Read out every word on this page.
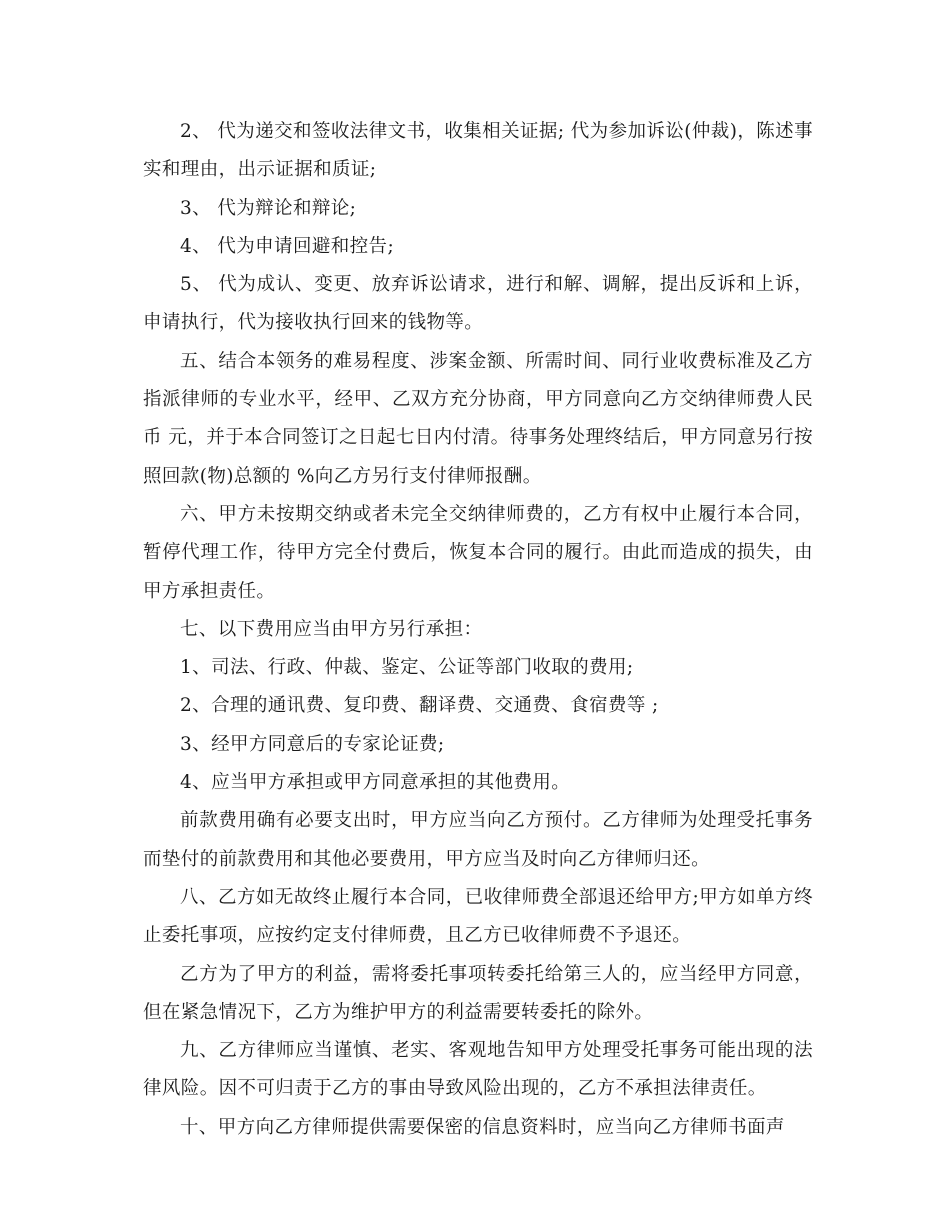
2、 代为递交和签收法律文书，收集相关证据; 代为参加诉讼(仲裁)，陈述事实和理由，出示证据和质证;

3、 代为辩论和辩论;

4、 代为申请回避和控告;

5、 代为成认、变更、放弃诉讼请求，进行和解、调解，提出反诉和上诉，申请执行，代为接收执行回来的钱物等。

五、结合本领务的难易程度、涉案金额、所需时间、同行业收费标准及乙方指派律师的专业水平，经甲、乙双方充分协商，甲方同意向乙方交纳律师费人民币 元，并于本合同签订之日起七日内付清。待事务处理终结后，甲方同意另行按照回款(物)总额的 %向乙方另行支付律师报酬。

六、甲方未按期交纳或者未完全交纳律师费的，乙方有权中止履行本合同，暂停代理工作，待甲方完全付费后，恢复本合同的履行。由此而造成的损失，由甲方承担责任。

七、以下费用应当由甲方另行承担：

1、司法、行政、仲裁、鉴定、公证等部门收取的费用;

2、合理的通讯费、复印费、翻译费、交通费、食宿费等 ;

3、经甲方同意后的专家论证费;

4、应当甲方承担或甲方同意承担的其他费用。

前款费用确有必要支出时，甲方应当向乙方预付。乙方律师为处理受托事务而垫付的前款费用和其他必要费用，甲方应当及时向乙方律师归还。

八、乙方如无故终止履行本合同，已收律师费全部退还给甲方;甲方如单方终止委托事项，应按约定支付律师费，且乙方已收律师费不予退还。

乙方为了甲方的利益，需将委托事项转委托给第三人的，应当经甲方同意，但在紧急情况下，乙方为维护甲方的利益需要转委托的除外。

九、乙方律师应当谨慎、老实、客观地告知甲方处理受托事务可能出现的法律风险。因不可归责于乙方的事由导致风险出现的，乙方不承担法律责任。

十、甲方向乙方律师提供需要保密的信息资料时，应当向乙方律师书面声
